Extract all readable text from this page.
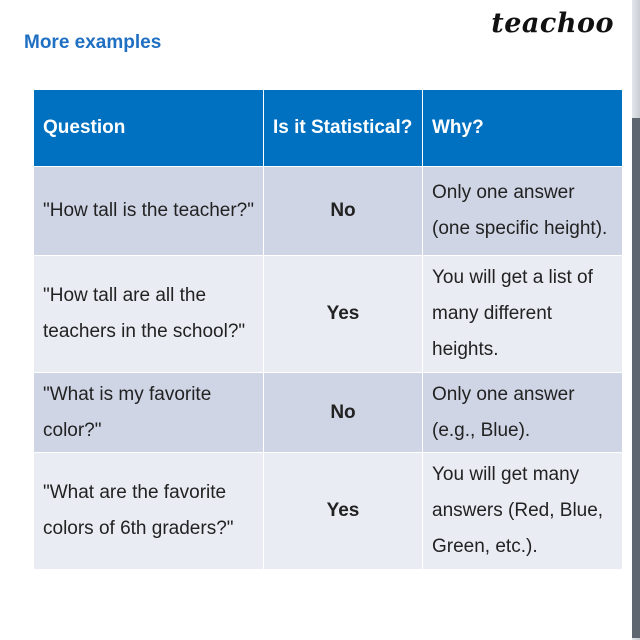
More examples
teachoo
Question	Is it Statistical?	Why?
"How tall is the teacher?"	No	Only one answer (one specific height).
"How tall are all the teachers in the school?"	Yes	You will get a list of many different heights.
"What is my favorite color?"	No	Only one answer (e.g., Blue).
"What are the favorite colors of 6th graders?"	Yes	You will get many answers (Red, Blue, Green, etc.).
